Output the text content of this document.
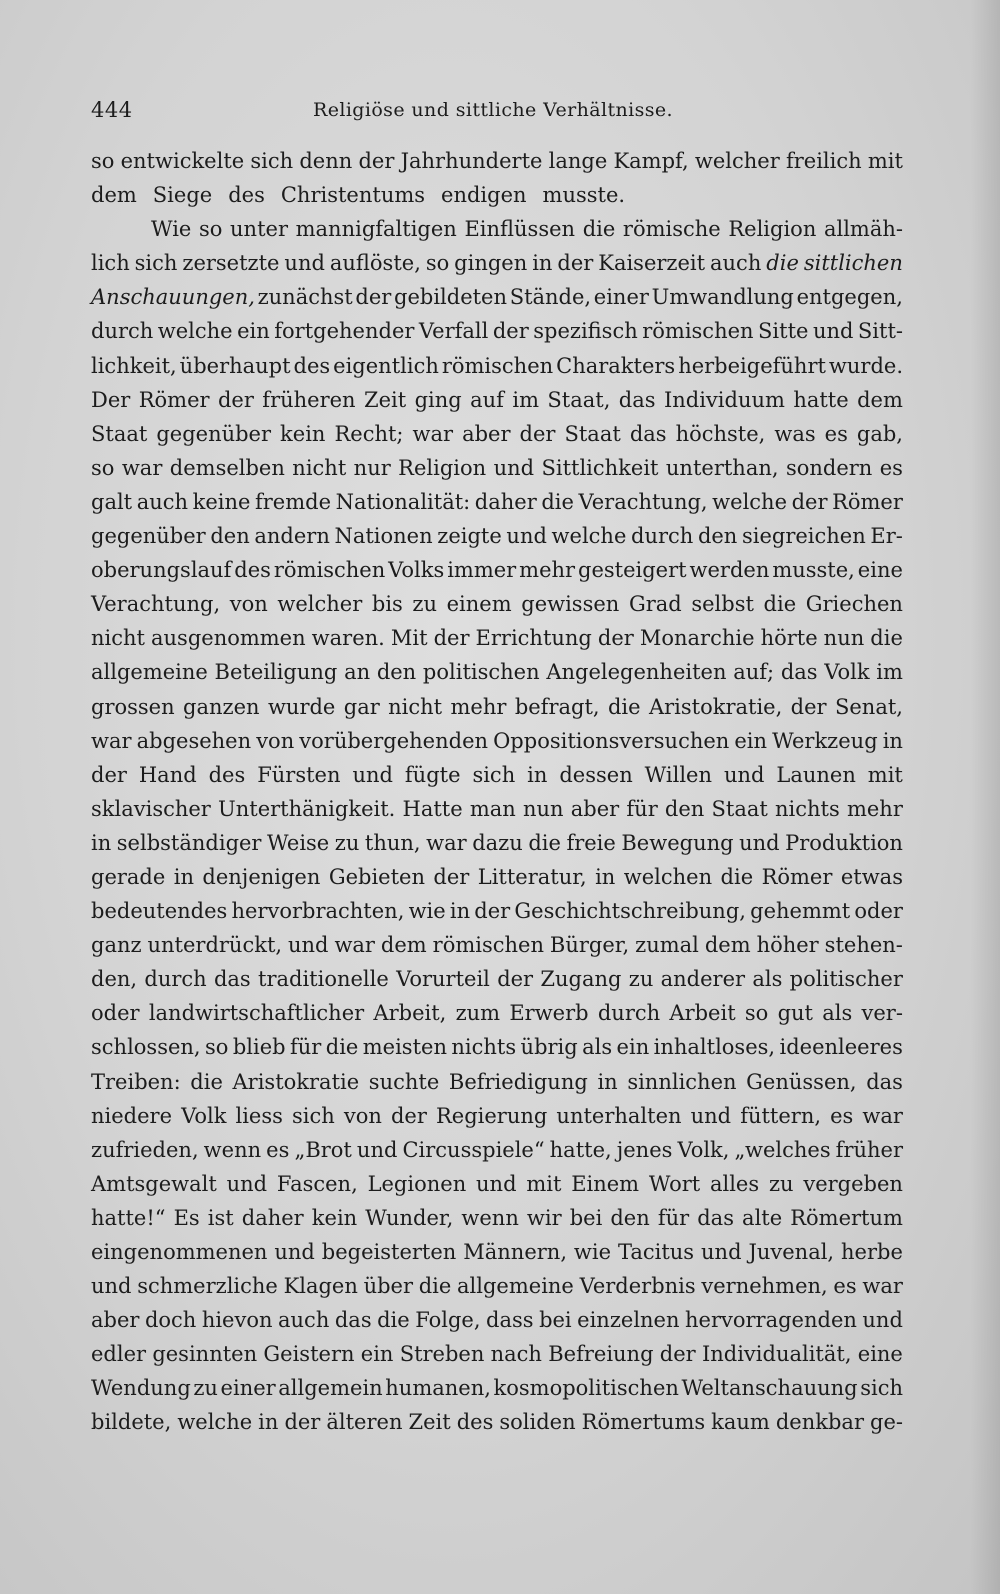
444	Religiöse und sittliche Verhältnisse.
so entwickelte sich denn der Jahrhunderte lange Kampf, welcher freilich mit
dem Siege des Christentums endigen musste.
Wie so unter mannigfaltigen Einflüssen die römische Religion allmäh-
lich sich zersetzte und auflöste, so gingen in der Kaiserzeit auch die sittlichen
Anschauungen, zunächst der gebildeten Stände, einer Umwandlung entgegen,
durch welche ein fortgehender Verfall der spezifisch römischen Sitte und Sitt-
lichkeit, überhaupt des eigentlich römischen Charakters herbeigeführt wurde.
Der Römer der früheren Zeit ging auf im Staat, das Individuum hatte dem
Staat gegenüber kein Recht; war aber der Staat das höchste, was es gab,
so war demselben nicht nur Religion und Sittlichkeit unterthan, sondern es
galt auch keine fremde Nationalität: daher die Verachtung, welche der Römer
gegenüber den andern Nationen zeigte und welche durch den siegreichen Er-
oberungslauf des römischen Volks immer mehr gesteigert werden musste, eine
Verachtung, von welcher bis zu einem gewissen Grad selbst die Griechen
nicht ausgenommen waren. Mit der Errichtung der Monarchie hörte nun die
allgemeine Beteiligung an den politischen Angelegenheiten auf; das Volk im
grossen ganzen wurde gar nicht mehr befragt, die Aristokratie, der Senat,
war abgesehen von vorübergehenden Oppositionsversuchen ein Werkzeug in
der Hand des Fürsten und fügte sich in dessen Willen und Launen mit
sklavischer Unterthänigkeit. Hatte man nun aber für den Staat nichts mehr
in selbständiger Weise zu thun, war dazu die freie Bewegung und Produktion
gerade in denjenigen Gebieten der Litteratur, in welchen die Römer etwas
bedeutendes hervorbrachten, wie in der Geschichtschreibung, gehemmt oder
ganz unterdrückt, und war dem römischen Bürger, zumal dem höher stehen-
den, durch das traditionelle Vorurteil der Zugang zu anderer als politischer
oder landwirtschaftlicher Arbeit, zum Erwerb durch Arbeit so gut als ver-
schlossen, so blieb für die meisten nichts übrig als ein inhaltloses, ideenleeres
Treiben: die Aristokratie suchte Befriedigung in sinnlichen Genüssen, das
niedere Volk liess sich von der Regierung unterhalten und füttern, es war
zufrieden, wenn es „Brot und Circusspiele“ hatte, jenes Volk, „welches früher
Amtsgewalt und Fascen, Legionen und mit Einem Wort alles zu vergeben
hatte!“ Es ist daher kein Wunder, wenn wir bei den für das alte Römertum
eingenommenen und begeisterten Männern, wie Tacitus und Juvenal, herbe
und schmerzliche Klagen über die allgemeine Verderbnis vernehmen, es war
aber doch hievon auch das die Folge, dass bei einzelnen hervorragenden und
edler gesinnten Geistern ein Streben nach Befreiung der Individualität, eine
Wendung zu einer allgemein humanen, kosmopolitischen Weltanschauung sich
bildete, welche in der älteren Zeit des soliden Römertums kaum denkbar ge-
